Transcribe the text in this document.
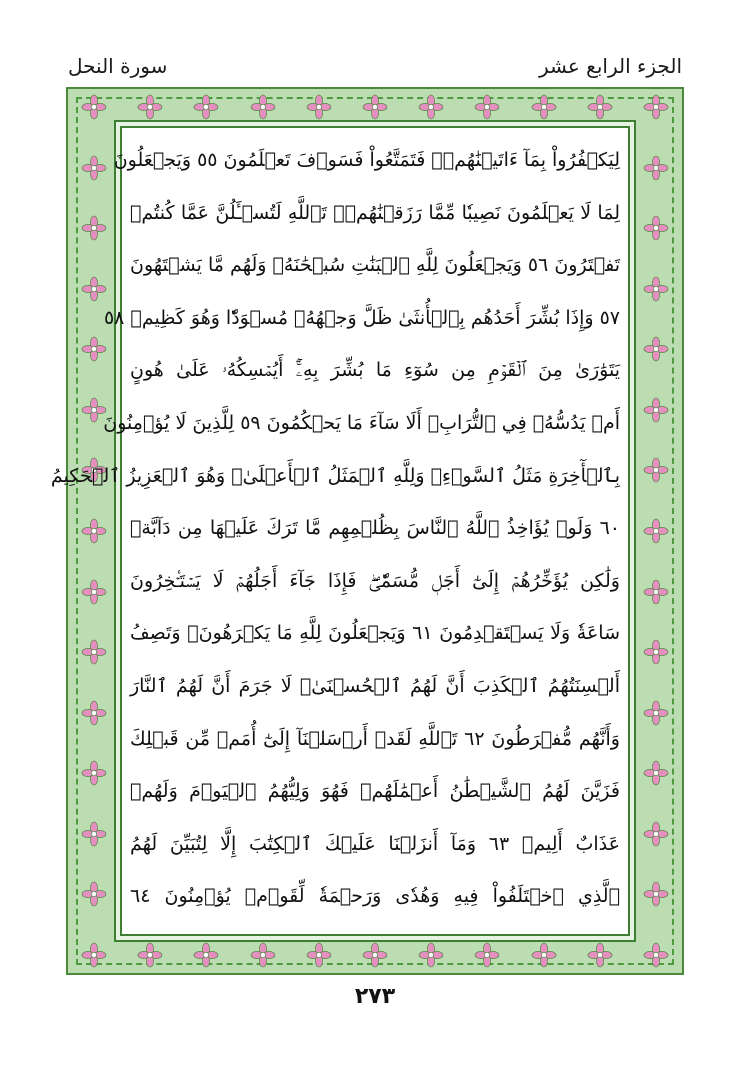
الجزء الرابع عشر
سورة النحل
لِيَكۡفُرُواْ بِمَآ ءَاتَيۡنَٰهُمۡۚ فَتَمَتَّعُواْ فَسَوۡفَ تَعۡلَمُونَ ٥٥ وَيَجۡعَلُونَ
لِمَا لَا يَعۡلَمُونَ نَصِيبٗا مِّمَّا رَزَقۡنَٰهُمۡۗ تَٱللَّهِ لَتُسۡـَٔلُنَّ عَمَّا كُنتُمۡ
تَفۡتَرُونَ ٥٦ وَيَجۡعَلُونَ لِلَّهِ ٱلۡبَنَٰتِ سُبۡحَٰنَهُۥ وَلَهُم مَّا يَشۡتَهُونَ
٥٧ وَإِذَا بُشِّرَ أَحَدُهُم بِٱلۡأُنثَىٰ ظَلَّ وَجۡهُهُۥ مُسۡوَدّٗا وَهُوَ كَظِيمٞ ٥٨
يَتَوَٰرَىٰ مِنَ ٱلۡقَوۡمِ مِن سُوٓءِ مَا بُشِّرَ بِهِۦٓۚ أَيُمۡسِكُهُۥ عَلَىٰ هُونٍ
أَمۡ يَدُسُّهُۥ فِي ٱلتُّرَابِۗ أَلَا سَآءَ مَا يَحۡكُمُونَ ٥٩ لِلَّذِينَ لَا يُؤۡمِنُونَ
بِٱلۡأٓخِرَةِ مَثَلُ ٱلسَّوۡءِۖ وَلِلَّهِ ٱلۡمَثَلُ ٱلۡأَعۡلَىٰۚ وَهُوَ ٱلۡعَزِيزُ ٱلۡحَكِيمُ
٦٠ وَلَوۡ يُؤَاخِذُ ٱللَّهُ ٱلنَّاسَ بِظُلۡمِهِم مَّا تَرَكَ عَلَيۡهَا مِن دَآبَّةٖ
وَلَٰكِن يُؤَخِّرُهُمۡ إِلَىٰٓ أَجَلٖ مُّسَمّٗىۖ فَإِذَا جَآءَ أَجَلُهُمۡ لَا يَسۡتَـٔۡخِرُونَ
سَاعَةٗ وَلَا يَسۡتَقۡدِمُونَ ٦١ وَيَجۡعَلُونَ لِلَّهِ مَا يَكۡرَهُونَۚ وَتَصِفُ
أَلۡسِنَتُهُمُ ٱلۡكَذِبَ أَنَّ لَهُمُ ٱلۡحُسۡنَىٰۚ لَا جَرَمَ أَنَّ لَهُمُ ٱلنَّارَ
وَأَنَّهُم مُّفۡرَطُونَ ٦٢ تَٱللَّهِ لَقَدۡ أَرۡسَلۡنَآ إِلَىٰٓ أُمَمٖ مِّن قَبۡلِكَ
فَزَيَّنَ لَهُمُ ٱلشَّيۡطَٰنُ أَعۡمَٰلَهُمۡ فَهُوَ وَلِيُّهُمُ ٱلۡيَوۡمَ وَلَهُمۡ
عَذَابٌ أَلِيمٞ ٦٣ وَمَآ أَنزَلۡنَا عَلَيۡكَ ٱلۡكِتَٰبَ إِلَّا لِتُبَيِّنَ لَهُمُ
ٱلَّذِي ٱخۡتَلَفُواْ فِيهِ وَهُدٗى وَرَحۡمَةٗ لِّقَوۡمٖ يُؤۡمِنُونَ ٦٤
٢٧٣
